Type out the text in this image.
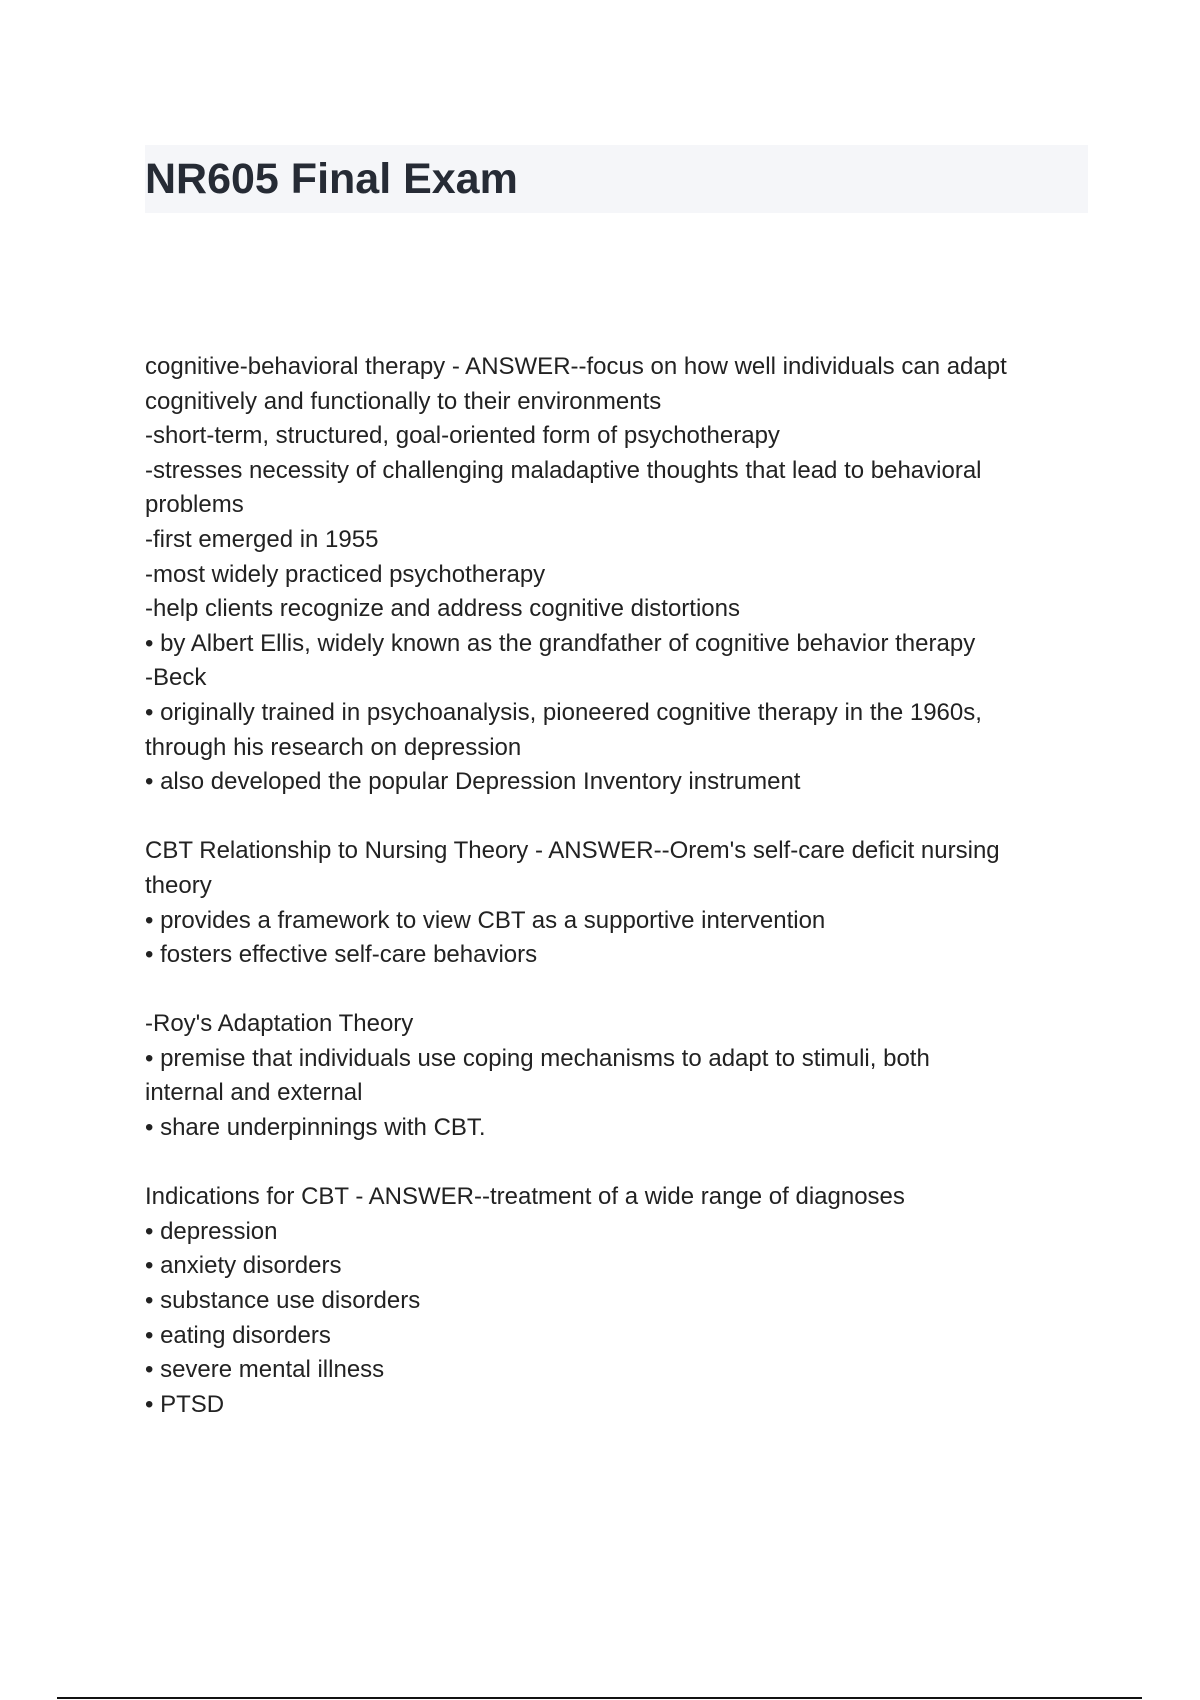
NR605 Final Exam
cognitive-behavioral therapy - ANSWER--focus on how well individuals can adapt
cognitively and functionally to their environments
-short-term, structured, goal-oriented form of psychotherapy
-stresses necessity of challenging maladaptive thoughts that lead to behavioral
problems
-first emerged in 1955
-most widely practiced psychotherapy
-help clients recognize and address cognitive distortions
• by Albert Ellis, widely known as the grandfather of cognitive behavior therapy
-Beck
• originally trained in psychoanalysis, pioneered cognitive therapy in the 1960s,
through his research on depression
• also developed the popular Depression Inventory instrument
CBT Relationship to Nursing Theory - ANSWER--Orem's self-care deficit nursing
theory
• provides a framework to view CBT as a supportive intervention
• fosters effective self-care behaviors
-Roy's Adaptation Theory
• premise that individuals use coping mechanisms to adapt to stimuli, both
internal and external
• share underpinnings with CBT.
Indications for CBT - ANSWER--treatment of a wide range of diagnoses
• depression
• anxiety disorders
• substance use disorders
• eating disorders
• severe mental illness
• PTSD
